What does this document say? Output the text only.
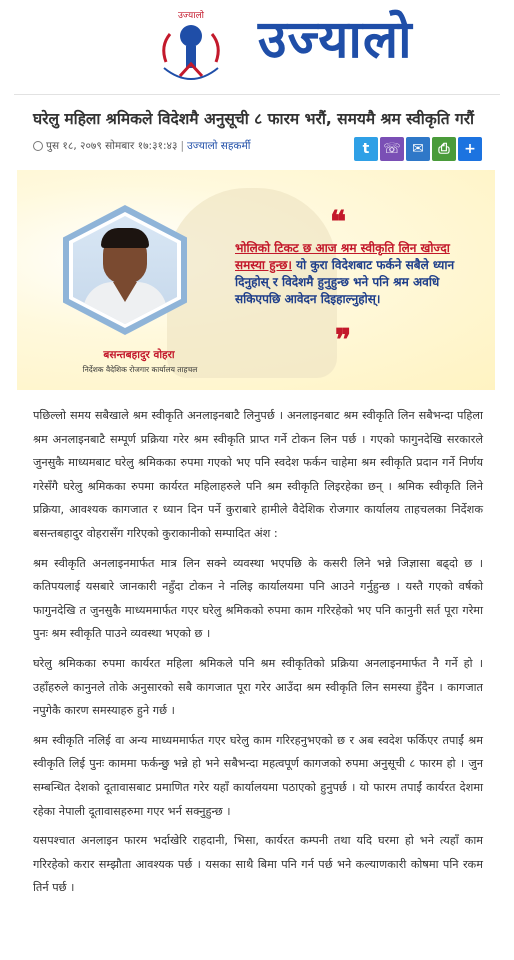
उज्यालो उज्यालो
घरेलु महिला श्रमिकले विदेशमै अनुसूची ८ फारम भरौं, समयमै श्रम स्वीकृति गरौं
पुस १८, २०७९ सोमबार १७:३१:४३ | उज्यालो सहकर्मी	t ☏ ✉	⎙	+
बसन्तबहादुर वोहरा
निर्देशक वैदेशिक रोजगार कार्यालय ताहचल
❝
भोलिको टिकट छ आज श्रम स्वीकृति लिन खोज्दा समस्या हुन्छ। यो कुरा विदेशबाट फर्कने सबैले ध्यान दिनुहोस् र विदेशमै हुनुहुन्छ भने पनि श्रम अवधि सकिएपछि आवेदन दिइहाल्नुहोस्।
❞

पछिल्लो समय सबैखाले श्रम स्वीकृति अनलाइनबाटै लिनुपर्छ । अनलाइनबाट श्रम स्वीकृति लिन सबैभन्दा पहिला श्रम अनलाइनबाटै सम्पूर्ण प्रक्रिया गरेर श्रम स्वीकृति प्राप्त गर्ने टोकन लिन पर्छ । गएको फागुनदेखि सरकारले जुनसुकै माध्यमबाट घरेलु श्रमिकका रुपमा गएको भए पनि स्वदेश फर्कन चाहेमा श्रम स्वीकृति प्रदान गर्ने निर्णय गरेसँगै घरेलु श्रमिकका रुपमा कार्यरत महिलाहरुले पनि श्रम स्वीकृति लिइरहेका छन् । श्रमिक स्वीकृति लिने प्रक्रिया, आवश्यक कागजात र ध्यान दिन पर्ने कुराबारे हामीले वैदेशिक रोजगार कार्यालय ताहचलका निर्देशक बसन्तबहादुर वोहरासँग गरिएको कुराकानीको सम्पादित अंश :

श्रम स्वीकृति अनलाइनमार्फत मात्र लिन सक्ने व्यवस्था भएपछि के कसरी लिने भन्ने जिज्ञासा बढ्दो छ । कतिपयलाई यसबारे जानकारी नहुँदा टोकन ने नलिइ कार्यालयमा पनि आउने गर्नुहुन्छ । यस्तै गएको वर्षको फागुनदेखि त जुनसुकै माध्यममार्फत गएर घरेलु श्रमिकको रुपमा काम गरिरहेको भए पनि कानुनी सर्त पूरा गरेमा पुनः श्रम स्वीकृति पाउने व्यवस्था भएको छ ।

घरेलु श्रमिकका रुपमा कार्यरत महिला श्रमिकले पनि श्रम स्वीकृतिको प्रक्रिया अनलाइनमार्फत नै गर्ने हो । उहाँहरुले कानुनले तोके अनुसारको सबै कागजात पूरा गरेर आउँदा श्रम स्वीकृति लिन समस्या हुँदैन । कागजात नपुगेकै कारण समस्याहरु हुने गर्छ ।

श्रम स्वीकृति नलिई वा अन्य माध्यममार्फत गएर घरेलु काम गरिरहनुभएको छ र अब स्वदेश फर्किएर तपाईं श्रम स्वीकृति लिई पुनः काममा फर्कन्छु भन्ने हो भने सबैभन्दा महत्वपूर्ण कागजको रुपमा अनुसूची ८ फारम हो । जुन सम्बन्धित देशको दूतावासबाट प्रमाणित गरेर यहाँ कार्यालयमा पठाएको हुनुपर्छ । यो फारम तपाईं कार्यरत देशमा रहेका नेपाली दूतावासहरुमा गएर भर्न सक्नुहुन्छ ।

यसपश्चात अनलाइन फारम भर्दाखेरि राहदानी, भिसा, कार्यरत कम्पनी तथा यदि घरमा हो भने त्यहाँ काम गरिरहेको करार सम्झौता आवश्यक पर्छ । यसका साथै बिमा पनि गर्न पर्छ भने कल्याणकारी कोषमा पनि रकम तिर्न पर्छ ।
